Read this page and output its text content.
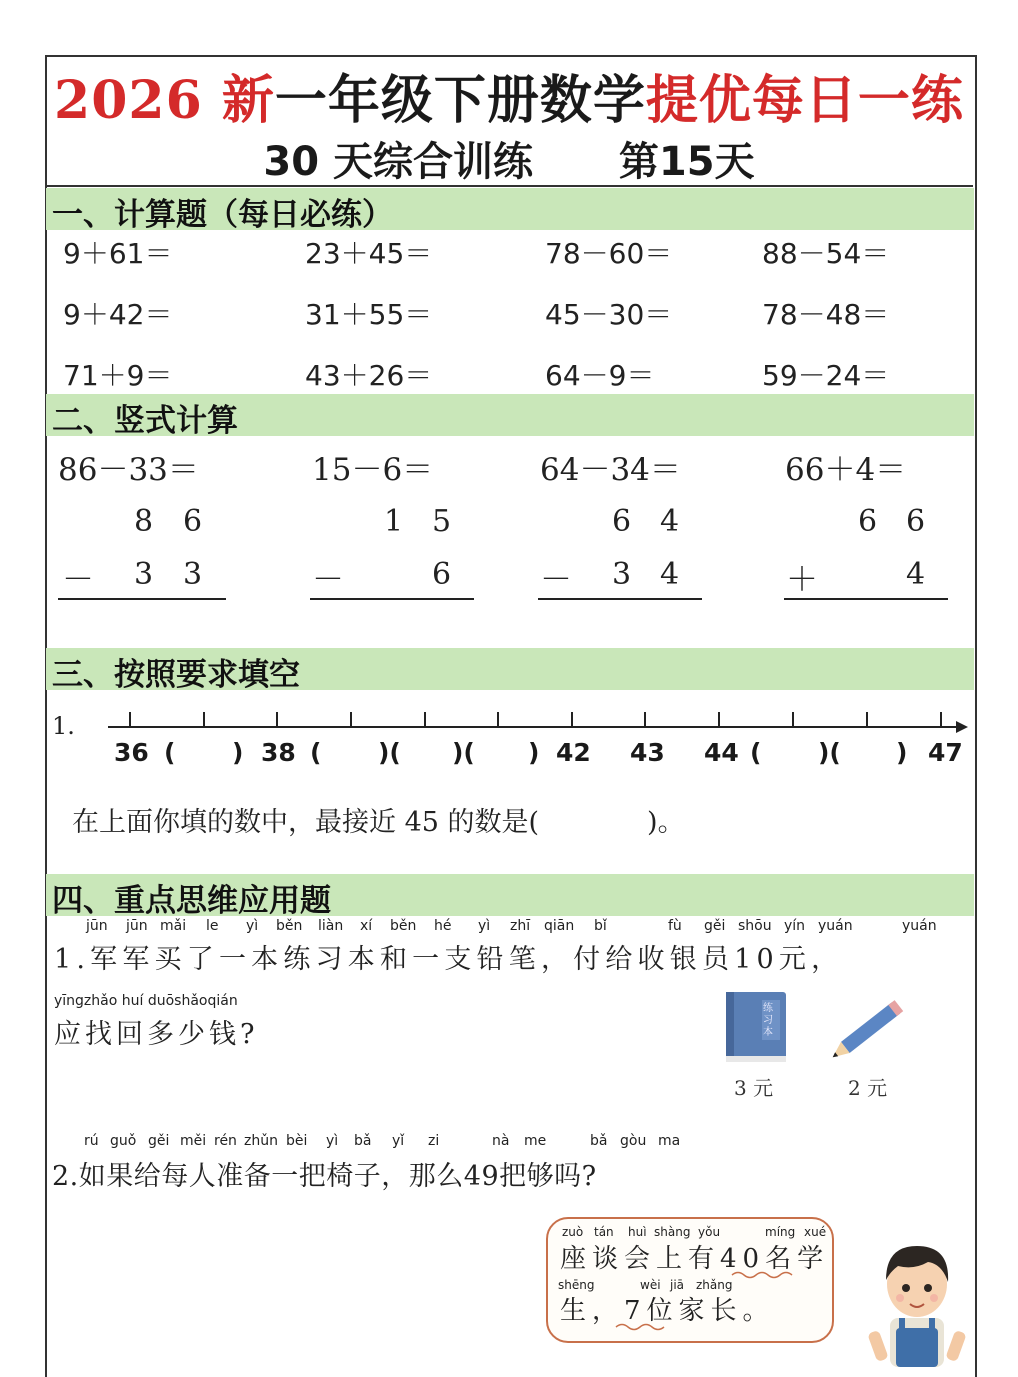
2026 新一年级下册数学提优每日一练
30 天综合训练 第15天
一、计算题（每日必练）
9＋61＝	23＋45＝	78－60＝	88－54＝
9＋42＝	31＋55＝	45－30＝	78－48＝
71＋9＝	43＋26＝	64－9＝	59－24＝
二、竖式计算
86－33＝	15－6＝	64－34＝	66＋4＝
8 6
－ 3 3
1 5
－	6
6 4
－ 3 4
6 6
＋	4
三、按照要求填空
1.
36 ( ) 38 ( )( )( ) 42 43 44 ( )( ) 47
在上面你填的数中，最接近 45 的数是(　　　　)。
四、重点思维应用题
jūn jūn mǎi le yì běn liàn xí běn hé yì zhī qiān bǐ	fù gěi shōu yín yuán	yuán
1.军军买了一本练习本和一支铅笔，付给收银员10元，
yīngzhǎo huí duōshǎoqián
应找回多少钱?
练习本
3 元	2 元
rú guǒ gěi měi rén zhǔn bèi yì bǎ yǐ zi	nà me	bǎ gòu ma
2.如果给每人准备一把椅子，那么49把够吗?
zuò tán huì shàng yǒu	míng xué
座谈会上有40名学
shēng	wèi jiā zhǎng
生，7位家长。
